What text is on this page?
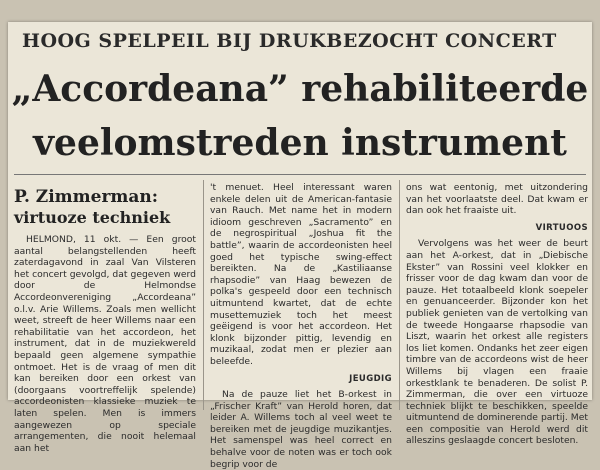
HOOG SPELPEIL BIJ DRUKBEZOCHT CONCERT
„Accordeana” rehabiliteerde
veelomstreden instrument
P. Zimmerman:
virtuoze techniek

HELMOND, 11 okt. — Een groot aantal belangstellenden heeft zaterdagavond in zaal Van Vilsteren het concert gevolgd, dat gegeven werd door de Helmondse Accordeonvereniging „Accordeana” o.l.v. Arie Willems. Zoals men wellicht weet, streeft de heer Willems naar een rehabilitatie van het accordeon, het instrument, dat in de muziekwereld bepaald geen algemene sympathie ontmoet. Het is de vraag of men dit kan bereiken door een orkest van (doorgaans voortreffelijk spelende) accordeonisten klassieke muziek te laten spelen. Men is immers aangewezen op speciale arrangementen, die nooit helemaal aan het

't menuet. Heel interessant waren enkele delen uit de American-fantasie van Rauch. Met name het in modern idioom geschreven „Sacramento” en de negrospiritual „Joshua fit the battle”, waarin de accordeonisten heel goed het typische swing-effect bereikten. Na de „Kastiliaanse rhapsodie” van Haag bewezen de polka's gespeeld door een technisch uitmuntend kwartet, dat de echte musettemuziek toch het meest geëigend is voor het accordeon. Het klonk bijzonder pittig, levendig en muzikaal, zodat men er plezier aan beleefde.

JEUGDIG

Na de pauze liet het B-orkest in „Frischer Kraft” van Herold horen, dat leider A. Willems toch al veel weet te bereiken met de jeugdige muzikantjes. Het samenspel was heel correct en behalve voor de noten was er toch ook begrip voor de

ons wat eentonig, met uitzondering van het voorlaatste deel. Dat kwam er dan ook het fraaiste uit.

VIRTUOOS

Vervolgens was het weer de beurt aan het A-orkest, dat in „Diebische Ekster” van Rossini veel klokker en frisser voor de dag kwam dan voor de pauze. Het totaalbeeld klonk soepeler en genuanceerder. Bijzonder kon het publiek genieten van de vertolking van de tweede Hongaarse rhapsodie van Liszt, waarin het orkest alle registers los liet komen. Ondanks het zeer eigen timbre van de accordeons wist de heer Willems bij vlagen een fraaie orkestklank te benaderen. De solist P. Zimmerman, die over een virtuoze techniek blijkt te beschikken, speelde uitmuntend de dominerende partij. Met een compositie van Herold werd dit alleszins geslaagde concert besloten.
